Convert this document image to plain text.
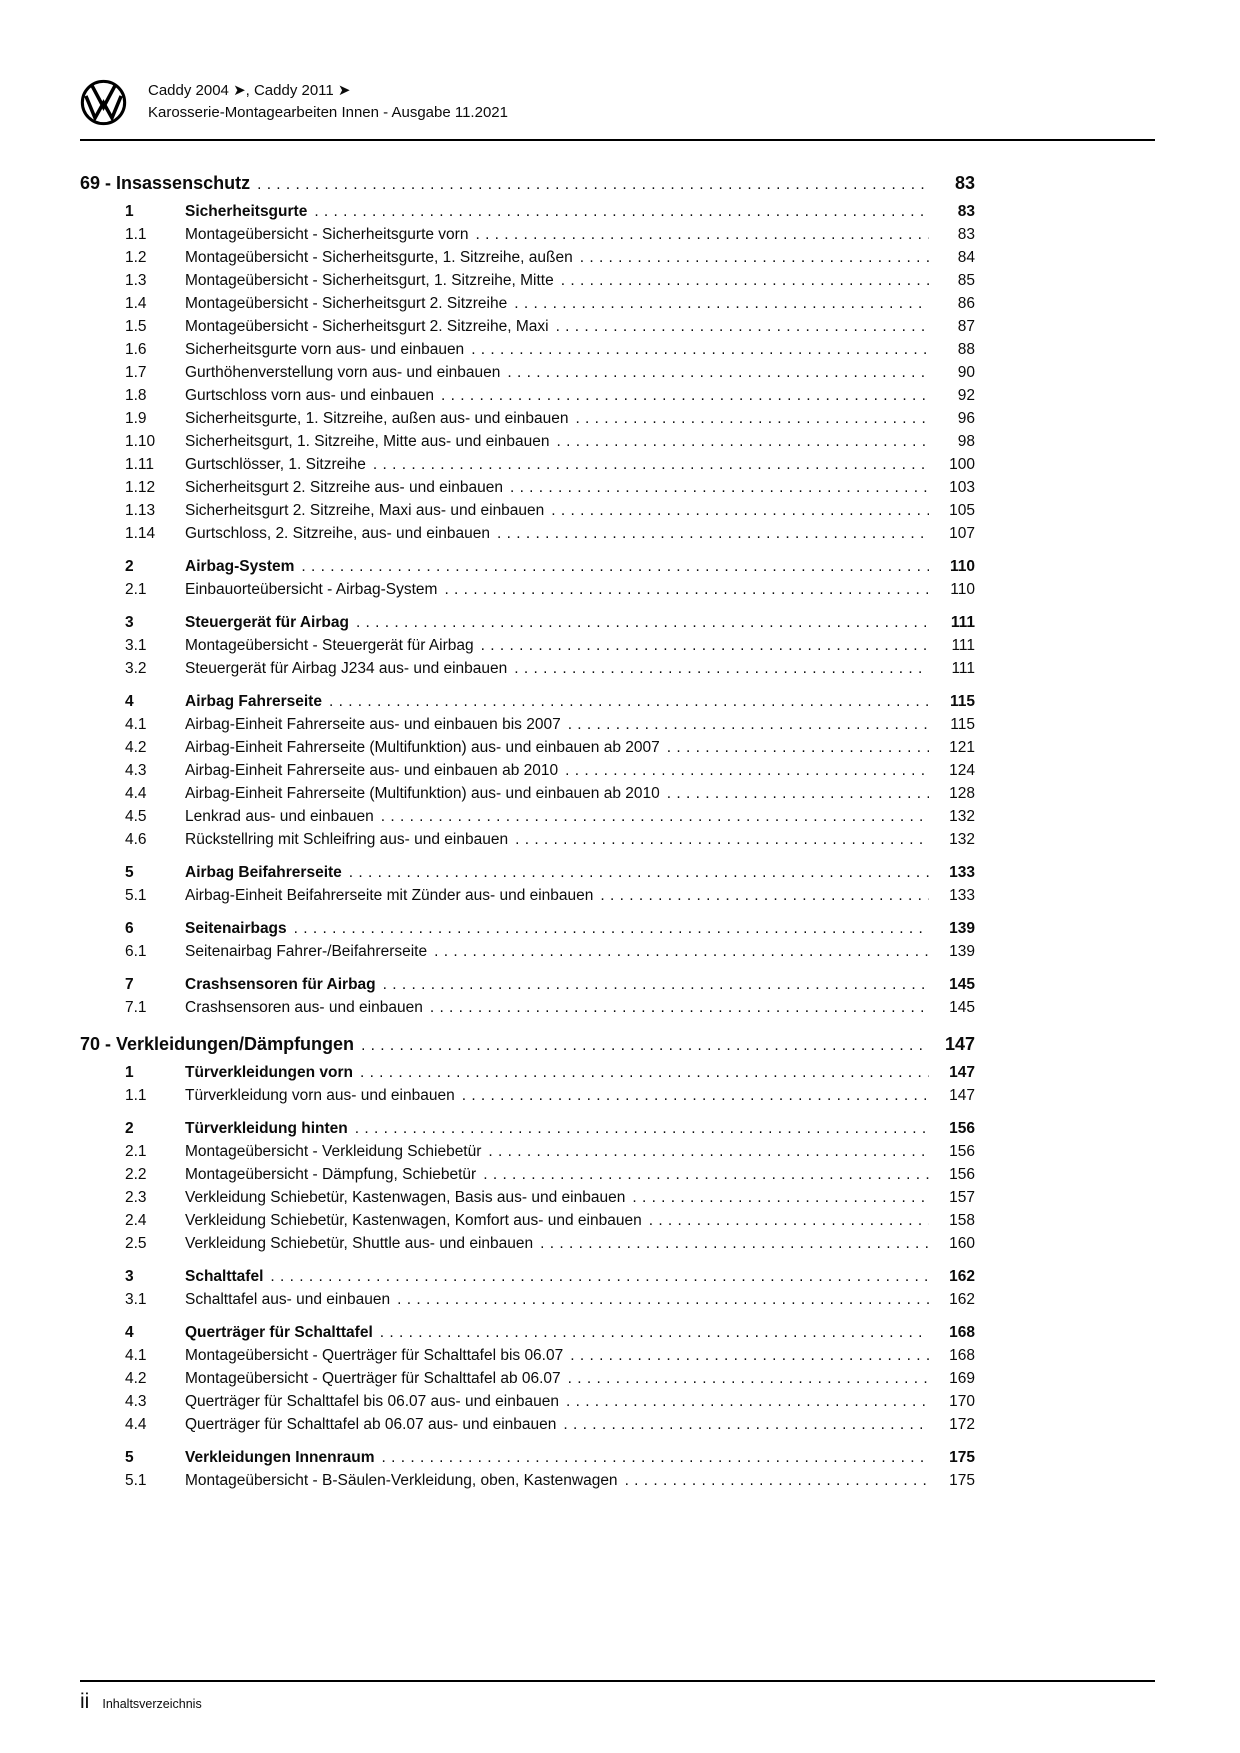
Caddy 2004 ➤, Caddy 2011 ➤
Karosserie-Montagearbeiten Innen - Ausgabe 11.2021
69 - Insassenschutz . . .	83
1	Sicherheitsgurte . . .	83
1.1	Montageübersicht - Sicherheitsgurte vorn . . .	83
1.2	Montageübersicht - Sicherheitsgurte, 1. Sitzreihe, außen . . .	84
1.3	Montageübersicht - Sicherheitsgurt, 1. Sitzreihe, Mitte . . .	85
1.4	Montageübersicht - Sicherheitsgurt 2. Sitzreihe . . .	86
1.5	Montageübersicht - Sicherheitsgurt 2. Sitzreihe, Maxi . . .	87
1.6	Sicherheitsgurte vorn aus- und einbauen . . .	88
1.7	Gurthöhenverstellung vorn aus- und einbauen . . .	90
1.8	Gurtschloss vorn aus- und einbauen . . .	92
1.9	Sicherheitsgurte, 1. Sitzreihe, außen aus- und einbauen . . .	96
1.10	Sicherheitsgurt, 1. Sitzreihe, Mitte aus- und einbauen . . .	98
1.11	Gurtschlösser, 1. Sitzreihe . . .	100
1.12	Sicherheitsgurt 2. Sitzreihe aus- und einbauen . . .	103
1.13	Sicherheitsgurt 2. Sitzreihe, Maxi aus- und einbauen . . .	105
1.14	Gurtschloss, 2. Sitzreihe, aus- und einbauen . . .	107
2	Airbag-System . . .	110
2.1	Einbauorteübersicht - Airbag-System . . .	110
3	Steuergerät für Airbag . . .	111
3.1	Montageübersicht - Steuergerät für Airbag . . .	111
3.2	Steuergerät für Airbag J234 aus- und einbauen . . .	111
4	Airbag Fahrerseite . . .	115
4.1	Airbag-Einheit Fahrerseite aus- und einbauen bis 2007 . . .	115
4.2	Airbag-Einheit Fahrerseite (Multifunktion) aus- und einbauen ab 2007 . . .	121
4.3	Airbag-Einheit Fahrerseite aus- und einbauen ab 2010 . . .	124
4.4	Airbag-Einheit Fahrerseite (Multifunktion) aus- und einbauen ab 2010 . . .	128
4.5	Lenkrad aus- und einbauen . . .	132
4.6	Rückstellring mit Schleifring aus- und einbauen . . .	132
5	Airbag Beifahrerseite . . .	133
5.1	Airbag-Einheit Beifahrerseite mit Zünder aus- und einbauen . . .	133
6	Seitenairbags . . .	139
6.1	Seitenairbag Fahrer-/Beifahrerseite . . .	139
7	Crashsensoren für Airbag . . .	145
7.1	Crashsensoren aus- und einbauen . . .	145
70 - Verkleidungen/Dämpfungen . . .	147
1	Türverkleidungen vorn . . .	147
1.1	Türverkleidung vorn aus- und einbauen . . .	147
2	Türverkleidung hinten . . .	156
2.1	Montageübersicht - Verkleidung Schiebetür . . .	156
2.2	Montageübersicht - Dämpfung, Schiebetür . . .	156
2.3	Verkleidung Schiebetür, Kastenwagen, Basis aus- und einbauen . . .	157
2.4	Verkleidung Schiebetür, Kastenwagen, Komfort aus- und einbauen . . .	158
2.5	Verkleidung Schiebetür, Shuttle aus- und einbauen . . .	160
3	Schalttafel . . .	162
3.1	Schalttafel aus- und einbauen . . .	162
4	Querträger für Schalttafel . . .	168
4.1	Montageübersicht - Querträger für Schalttafel bis 06.07 . . .	168
4.2	Montageübersicht - Querträger für Schalttafel ab 06.07 . . .	169
4.3	Querträger für Schalttafel bis 06.07 aus- und einbauen . . .	170
4.4	Querträger für Schalttafel ab 06.07 aus- und einbauen . . .	172
5	Verkleidungen Innenraum . . .	175
5.1	Montageübersicht - B-Säulen-Verkleidung, oben, Kastenwagen . . .	175
ii Inhaltsverzeichnis
